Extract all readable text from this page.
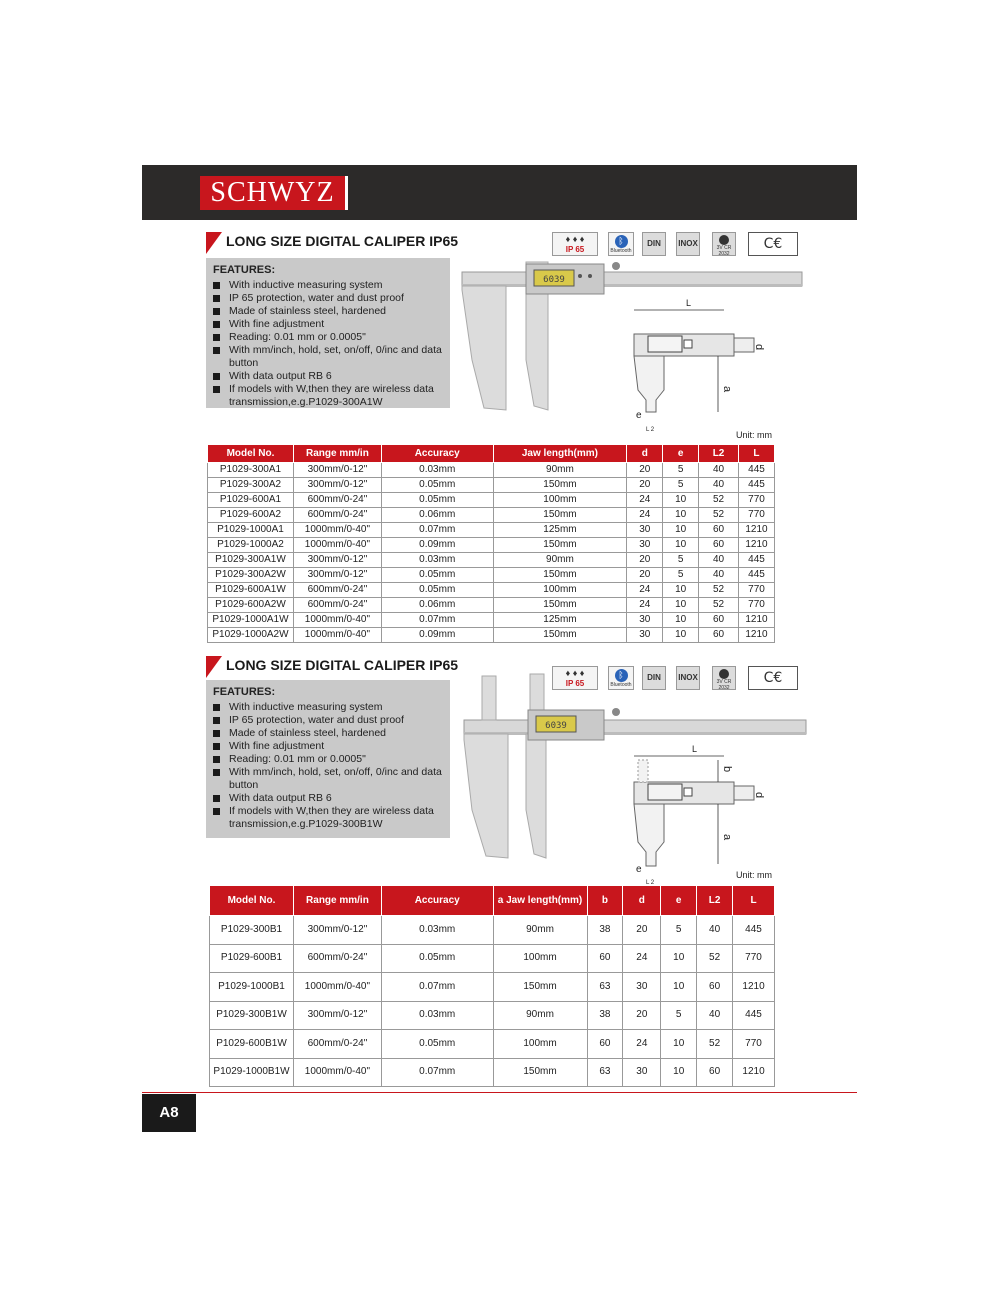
SCHWYZ
LONG SIZE DIGITAL CALIPER IP65
FEATURES:
With inductive measuring system
IP 65 protection, water and dust proof
Made of stainless steel, hardened
With fine adjustment
Reading: 0.01 mm or 0.0005"
With mm/inch, hold, set, on/off, 0/inc and data button
With data output RB 6
If models with W,then they are wireless data transmission,e.g.P1029-300A1W
♦ ♦ ♦
IP 65
ᛒ
Bluetooth
DIN	INOX	3V CR 2032
C€
6039
L
a
d
e
L 2	Unit: mm
Model No.	Range mm/in	Accuracy	Jaw length(mm)	d	e	L2	L
P1029-300A1	300mm/0-12"	0.03mm	90mm	20	5	40	445
P1029-300A2	300mm/0-12"	0.05mm	150mm	20	5	40	445
P1029-600A1	600mm/0-24"	0.05mm	100mm	24	10	52	770
P1029-600A2	600mm/0-24"	0.06mm	150mm	24	10	52	770
P1029-1000A1	1000mm/0-40"	0.07mm	125mm	30	10	60	1210
P1029-1000A2	1000mm/0-40"	0.09mm	150mm	30	10	60	1210
P1029-300A1W	300mm/0-12"	0.03mm	90mm	20	5	40	445
P1029-300A2W	300mm/0-12"	0.05mm	150mm	20	5	40	445
P1029-600A1W	600mm/0-24"	0.05mm	100mm	24	10	52	770
P1029-600A2W	600mm/0-24"	0.06mm	150mm	24	10	52	770
P1029-1000A1W	1000mm/0-40"	0.07mm	125mm	30	10	60	1210
P1029-1000A2W	1000mm/0-40"	0.09mm	150mm	30	10	60	1210
LONG SIZE DIGITAL CALIPER IP65
FEATURES:
With inductive measuring system
IP 65 protection, water and dust proof
Made of stainless steel, hardened
With fine adjustment
Reading: 0.01 mm or 0.0005"
With mm/inch, hold, set, on/off, 0/inc and data button
With data output RB 6
If models with W,then they are wireless data transmission,e.g.P1029-300B1W
♦ ♦ ♦
IP 65
ᛒ
Bluetooth
DIN	INOX	3V CR 2032
C€
6039
L
b
a
d
e
L 2
Unit: mm
Model No.	Range mm/in	Accuracy	a Jaw length(mm)	b	d	e	L2	L
P1029-300B1	300mm/0-12"	0.03mm	90mm	38	20	5	40	445
P1029-600B1	600mm/0-24"	0.05mm	100mm	60	24	10	52	770
P1029-1000B1	1000mm/0-40"	0.07mm	150mm	63	30	10	60	1210
P1029-300B1W	300mm/0-12"	0.03mm	90mm	38	20	5	40	445
P1029-600B1W	600mm/0-24"	0.05mm	100mm	60	24	10	52	770
P1029-1000B1W	1000mm/0-40"	0.07mm	150mm	63	30	10	60	1210
A8
